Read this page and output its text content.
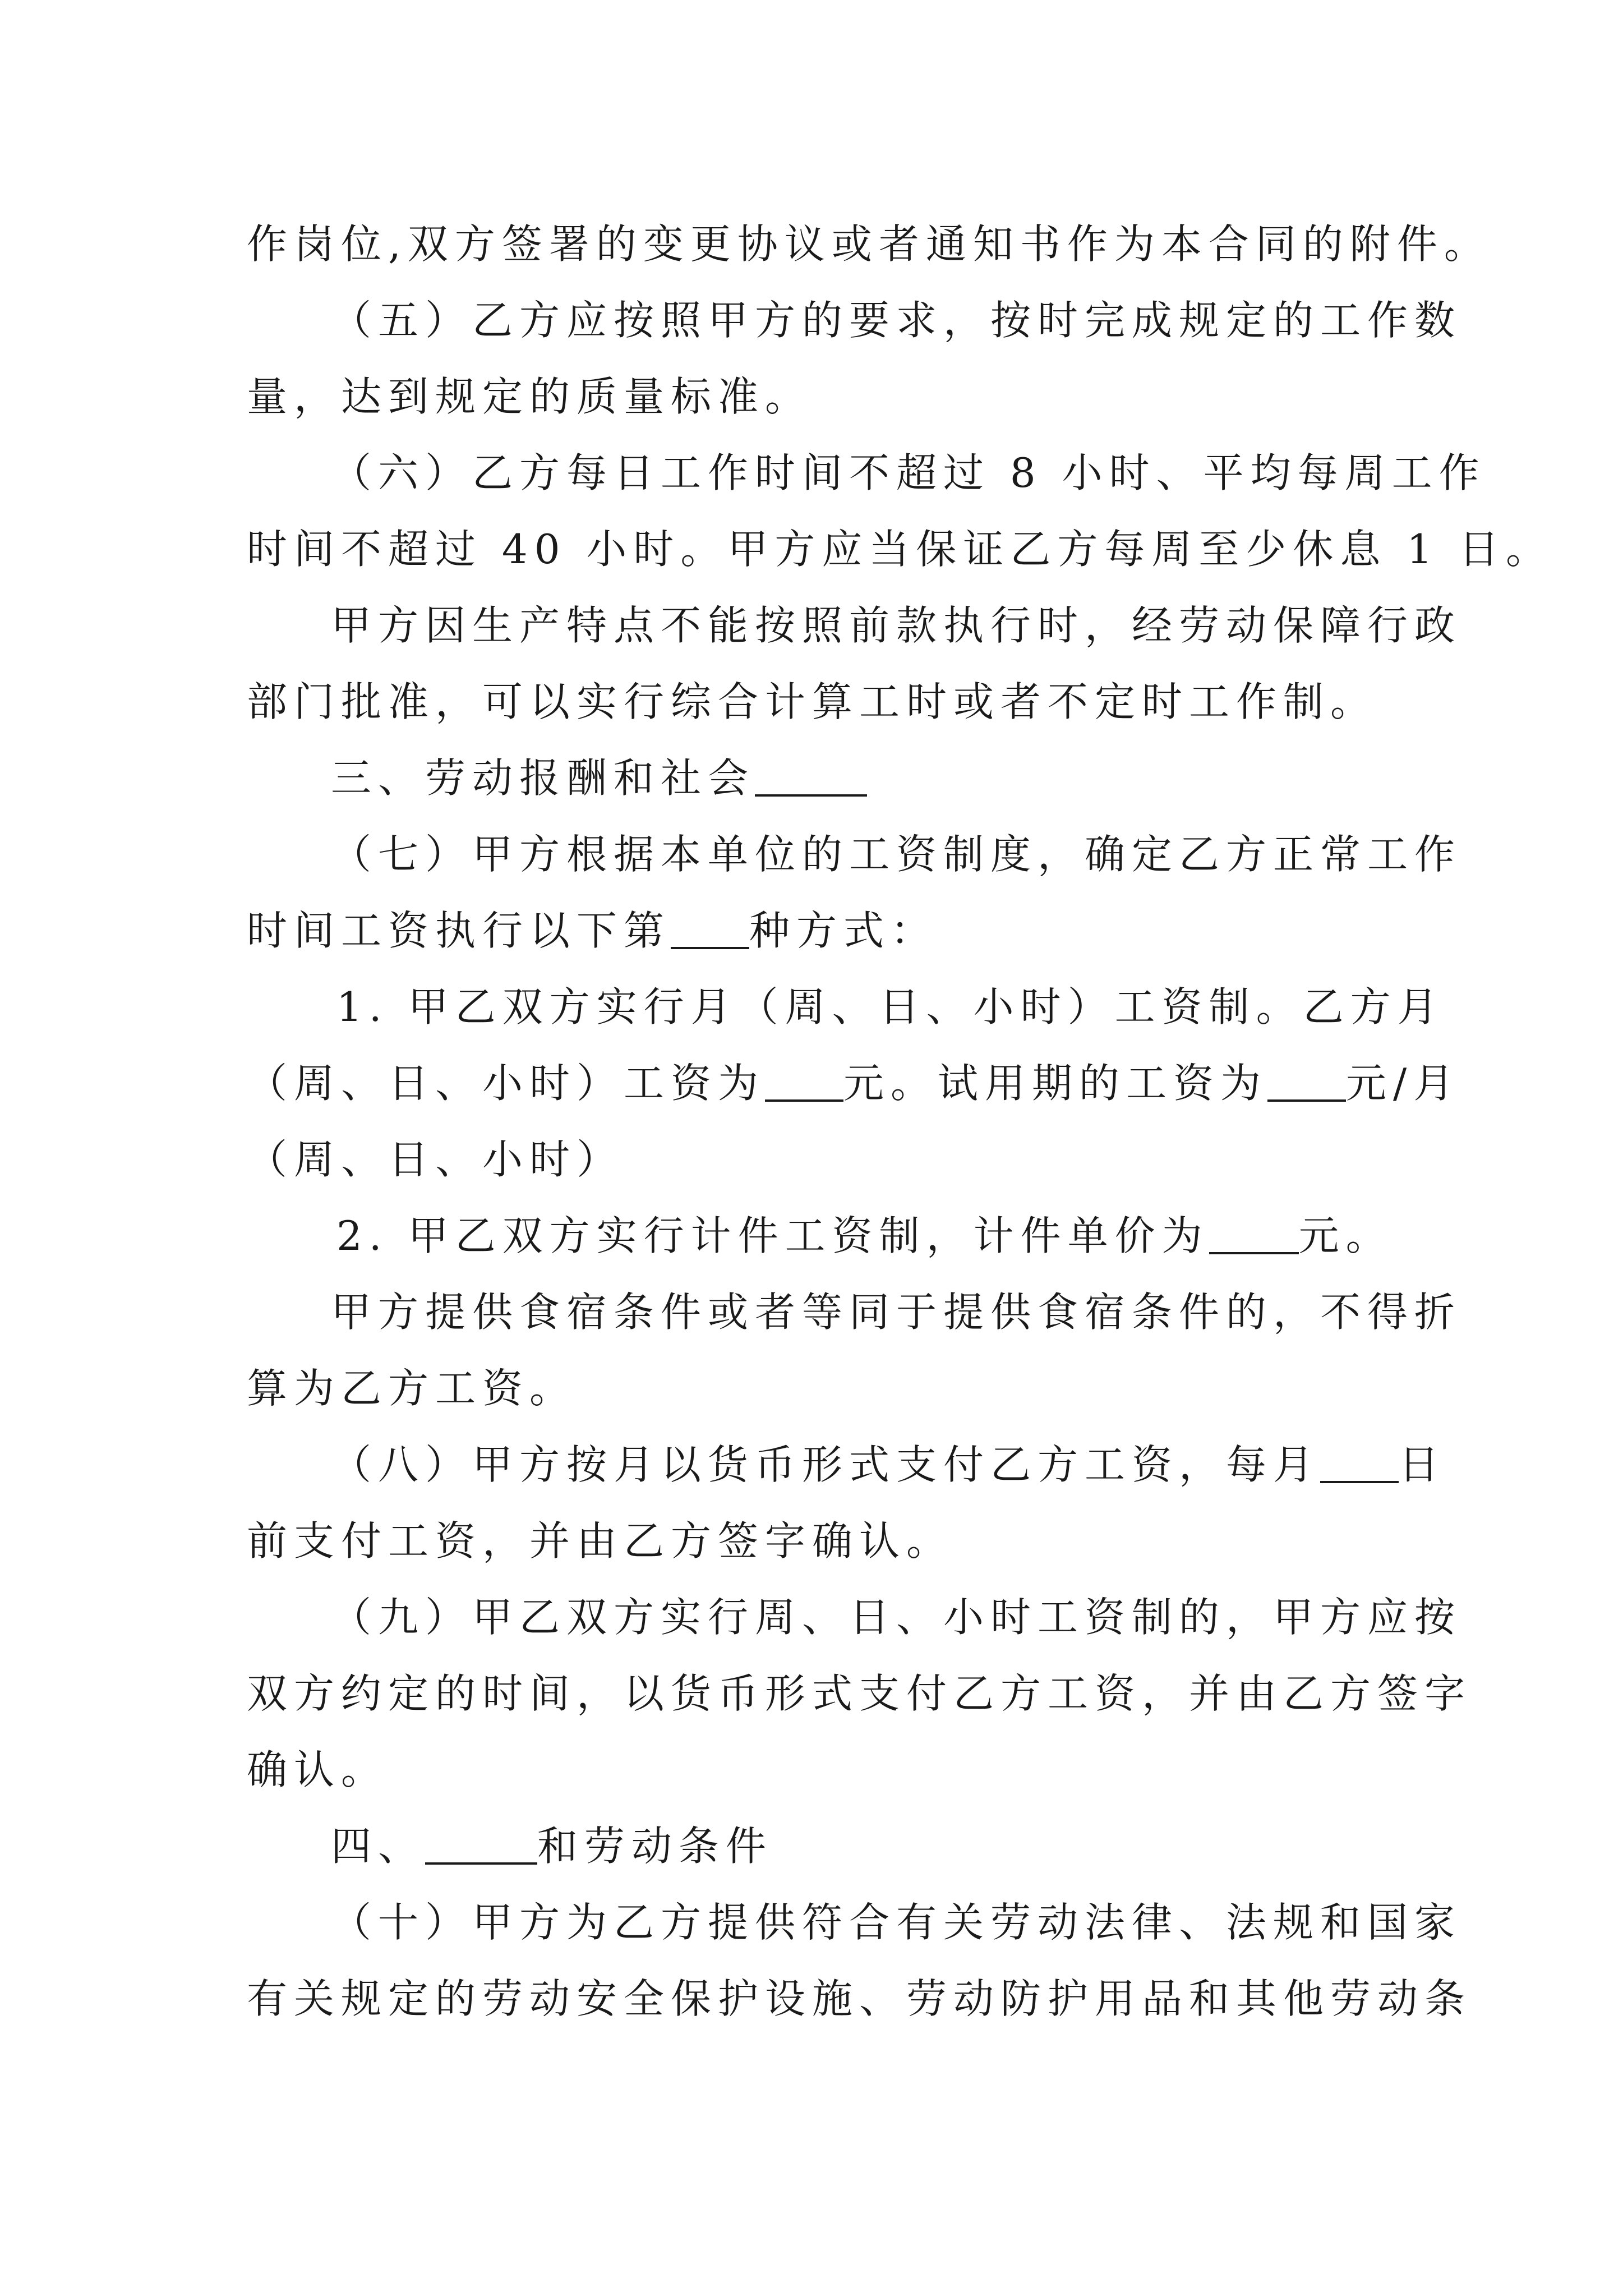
作岗位,双方签署的变更协议或者通知书作为本合同的附件。
（五）乙方应按照甲方的要求，按时完成规定的工作数
量，达到规定的质量标准。
（六）乙方每日工作时间不超过 8 小时、平均每周工作
时间不超过 40 小时。甲方应当保证乙方每周至少休息 1 日。
甲方因生产特点不能按照前款执行时，经劳动保障行政
部门批准，可以实行综合计算工时或者不定时工作制。
三、劳动报酬和社会
（七）甲方根据本单位的工资制度，确定乙方正常工作
时间工资执行以下第 种方式：
1. 甲乙双方实行月（周、日、小时）工资制。乙方月
（周、日、小时）工资为 元。试用期的工资为 元/月
（周、日、小时）
2. 甲乙双方实行计件工资制，计件单价为 元。
甲方提供食宿条件或者等同于提供食宿条件的，不得折
算为乙方工资。
（八）甲方按月以货币形式支付乙方工资，每月 日
前支付工资，并由乙方签字确认。
（九）甲乙双方实行周、日、小时工资制的，甲方应按
双方约定的时间，以货币形式支付乙方工资，并由乙方签字
确认。
四、	和劳动条件
（十）甲方为乙方提供符合有关劳动法律、法规和国家
有关规定的劳动安全保护设施、劳动防护用品和其他劳动条
